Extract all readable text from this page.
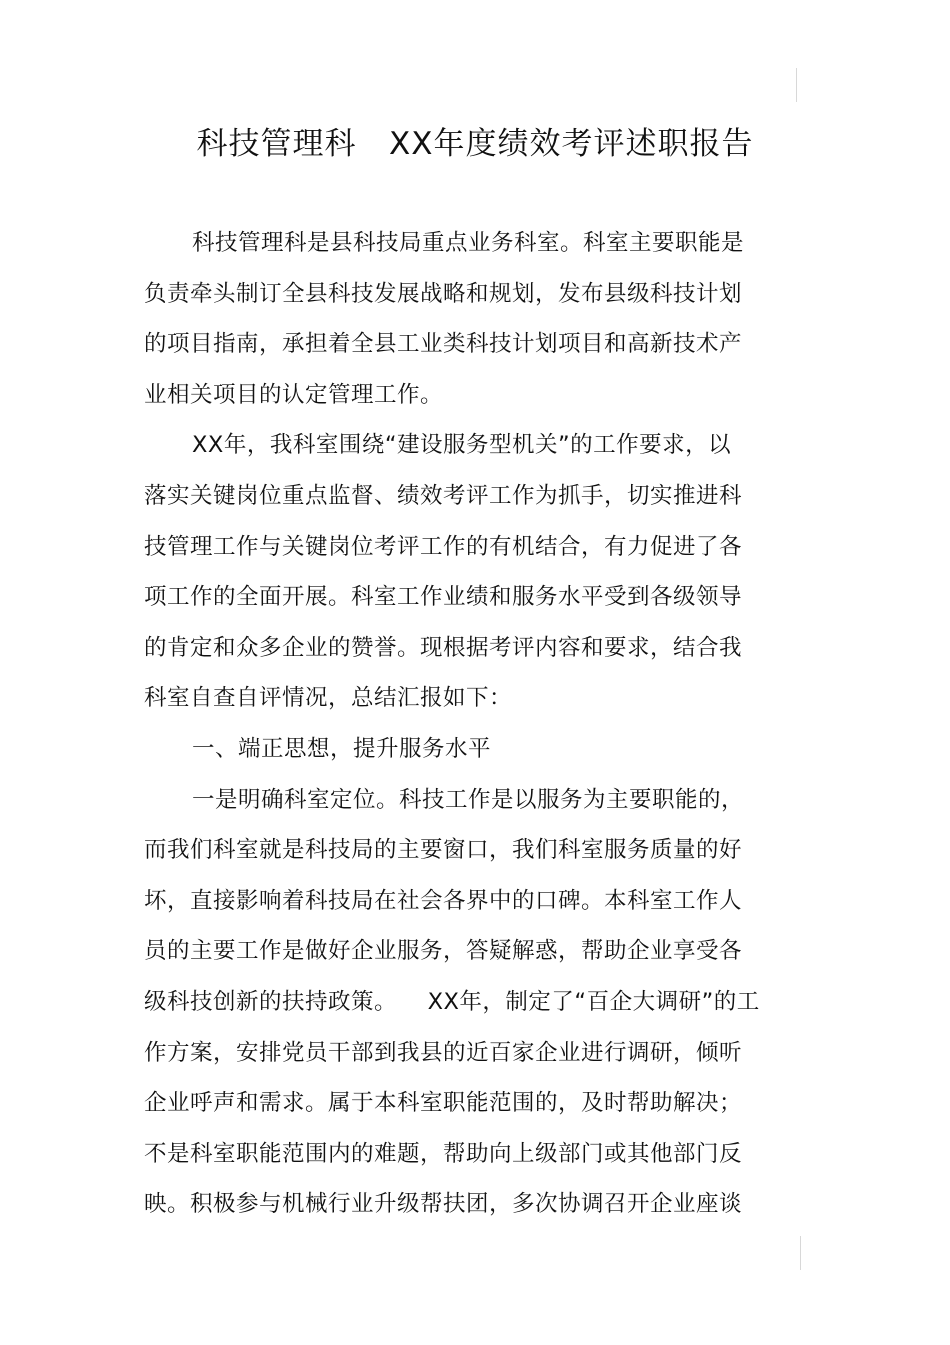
科技管理科   XX年度绩效考评述职报告
科技管理科是县科技局重点业务科室。科室主要职能是
负责牵头制订全县科技发展战略和规划，发布县级科技计划
的项目指南，承担着全县工业类科技计划项目和高新技术产
业相关项目的认定管理工作。
XX年，我科室围绕“建设服务型机关”的工作要求，以
落实关键岗位重点监督、绩效考评工作为抓手，切实推进科
技管理工作与关键岗位考评工作的有机结合，有力促进了各
项工作的全面开展。科室工作业绩和服务水平受到各级领导
的肯定和众多企业的赞誉。现根据考评内容和要求，结合我
科室自查自评情况，总结汇报如下：
一、端正思想，提升服务水平
一是明确科室定位。科技工作是以服务为主要职能的，
而我们科室就是科技局的主要窗口，我们科室服务质量的好
坏，直接影响着科技局在社会各界中的口碑。本科室工作人
员的主要工作是做好企业服务，答疑解惑，帮助企业享受各
级科技创新的扶持政策。    XX年，制定了“百企大调研”的工
作方案，安排党员干部到我县的近百家企业进行调研，倾听
企业呼声和需求。属于本科室职能范围的，及时帮助解决；
不是科室职能范围内的难题，帮助向上级部门或其他部门反
映。积极参与机械行业升级帮扶团，多次协调召开企业座谈
